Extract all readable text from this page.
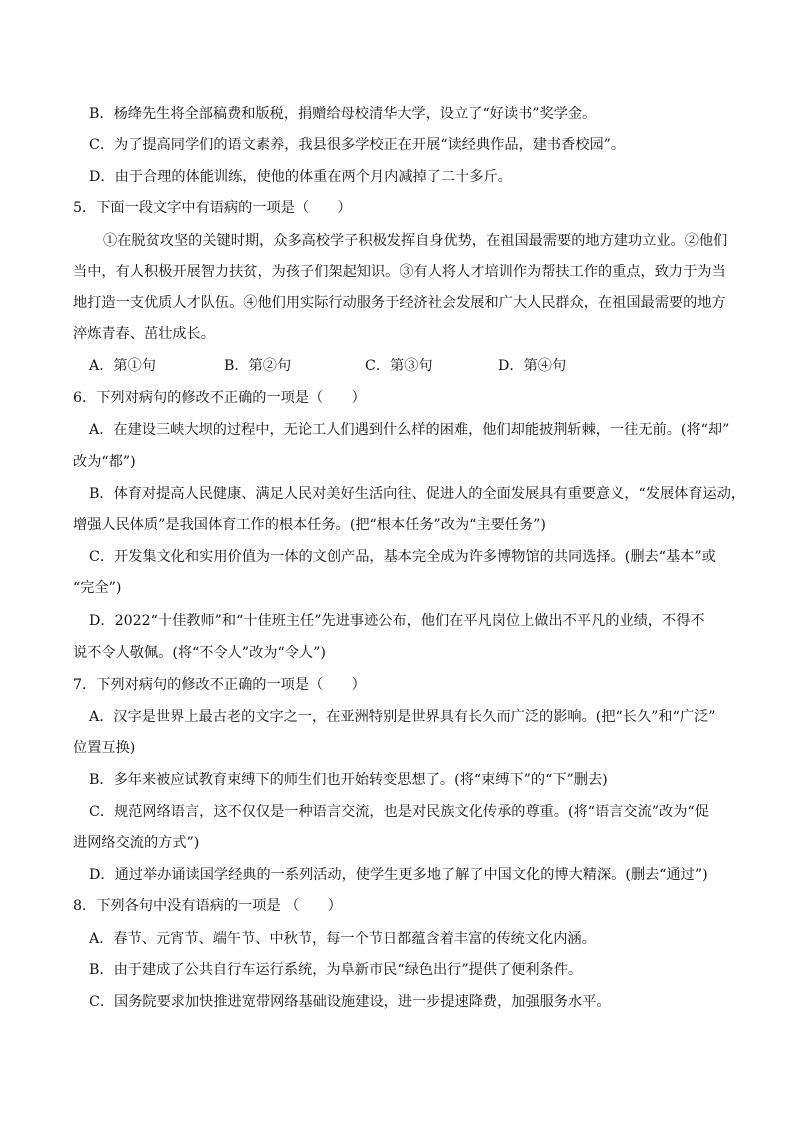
B．杨绛先生将全部稿费和版税，捐赠给母校清华大学，设立了“好读书”奖学金。
C．为了提高同学们的语文素养，我县很多学校正在开展“读经典作品，建书香校园”。
D．由于合理的体能训练，使他的体重在两个月内减掉了二十多斤。
5．下面一段文字中有语病的一项是（　　）
①在脱贫攻坚的关键时期，众多高校学子积极发挥自身优势，在祖国最需要的地方建功立业。②他们
当中，有人积极开展智力扶贫，为孩子们架起知识。③有人将人才培训作为帮扶工作的重点，致力于为当
地打造一支优质人才队伍。④他们用实际行动服务于经济社会发展和广大人民群众，在祖国最需要的地方
淬炼青春、茁壮成长。
A．第①句	B．第②句	C．第③句	D．第④句
6．下列对病句的修改不正确的一项是（　　）
A．在建设三峡大坝的过程中，无论工人们遇到什么样的困难，他们却能披荆斩棘，一往无前。(将“却”
改为“都”)
B．体育对提高人民健康、满足人民对美好生活向往、促进人的全面发展具有重要意义，“发展体育运动，
增强人民体质”是我国体育工作的根本任务。(把“根本任务”改为“主要任务”)
C．开发集文化和实用价值为一体的文创产品，基本完全成为许多博物馆的共同选择。(删去“基本”或
“完全”)
D．2022“十佳教师”和“十佳班主任”先进事迹公布，他们在平凡岗位上做出不平凡的业绩，不得不
说不令人敬佩。(将“不令人”改为“令人”)
7．下列对病句的修改不正确的一项是（　　）
A．汉字是世界上最古老的文字之一，在亚洲特别是世界具有长久而广泛的影响。(把“长久”和“广泛”
位置互换)
B．多年来被应试教育束缚下的师生们也开始转变思想了。(将“束缚下”的“下”删去)
C．规范网络语言，这不仅仅是一种语言交流，也是对民族文化传承的尊重。(将“语言交流”改为“促
进网络交流的方式”)
D．通过举办诵读国学经典的一系列活动，使学生更多地了解了中国文化的博大精深。(删去“通过”)
8．下列各句中没有语病的一项是 （　　）
A．春节、元宵节、端午节、中秋节，每一个节日都蕴含着丰富的传统文化内涵。
B．由于建成了公共自行车运行系统，为阜新市民“绿色出行”提供了便利条件。
C．国务院要求加快推进宽带网络基础设施建设，进一步提速降费，加强服务水平。
